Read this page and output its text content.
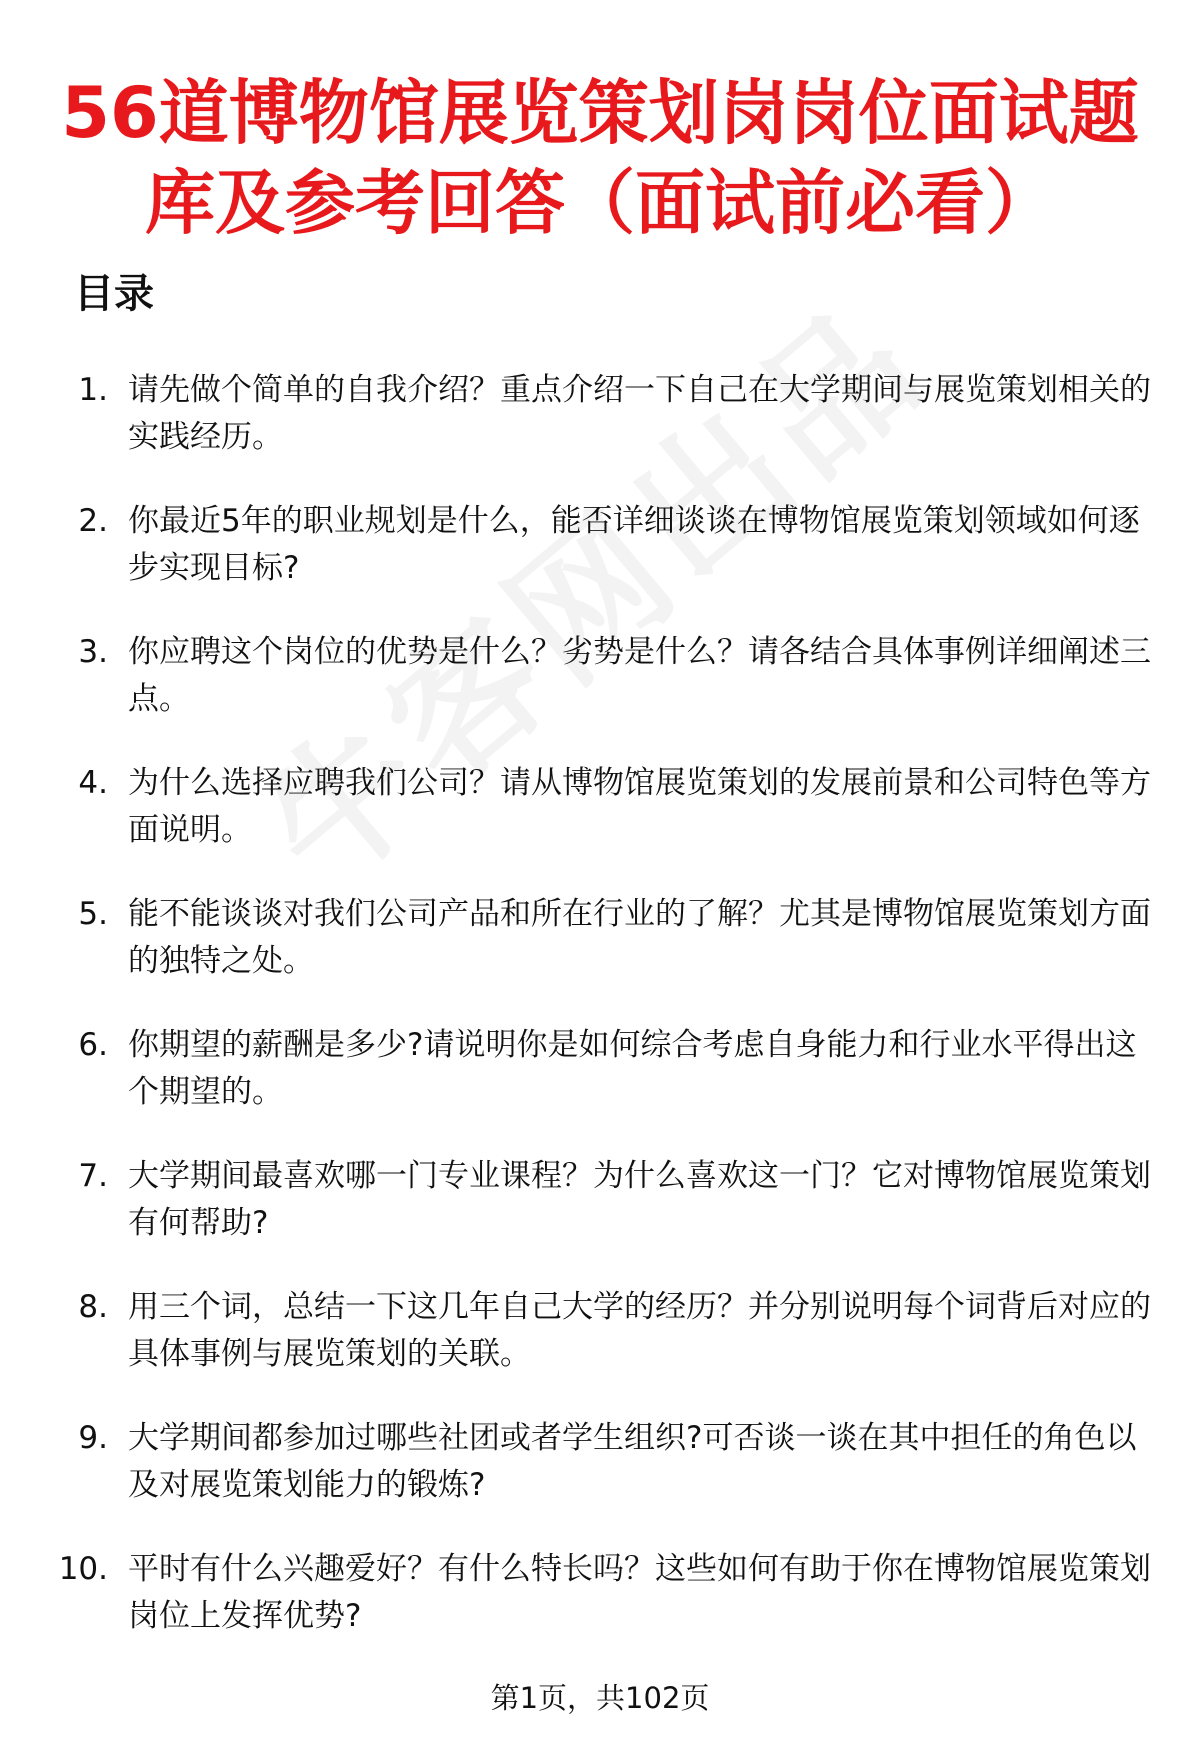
56道博物馆展览策划岗岗位面试题库及参考回答（面试前必看）
目录
1. 请先做个简单的自我介绍？重点介绍一下自己在大学期间与展览策划相关的实践经历。
2. 你最近5年的职业规划是什么，能否详细谈谈在博物馆展览策划领域如何逐步实现目标?
3. 你应聘这个岗位的优势是什么？劣势是什么？请各结合具体事例详细阐述三点。
4. 为什么选择应聘我们公司？请从博物馆展览策划的发展前景和公司特色等方面说明。
5. 能不能谈谈对我们公司产品和所在行业的了解？尤其是博物馆展览策划方面的独特之处。
6. 你期望的薪酬是多少?请说明你是如何综合考虑自身能力和行业水平得出这个期望的。
7. 大学期间最喜欢哪一门专业课程？为什么喜欢这一门？它对博物馆展览策划有何帮助?
8. 用三个词，总结一下这几年自己大学的经历？并分别说明每个词背后对应的具体事例与展览策划的关联。
9. 大学期间都参加过哪些社团或者学生组织?可否谈一谈在其中担任的角色以及对展览策划能力的锻炼?
10. 平时有什么兴趣爱好？有什么特长吗？这些如何有助于你在博物馆展览策划岗位上发挥优势?
第1页，共102页
